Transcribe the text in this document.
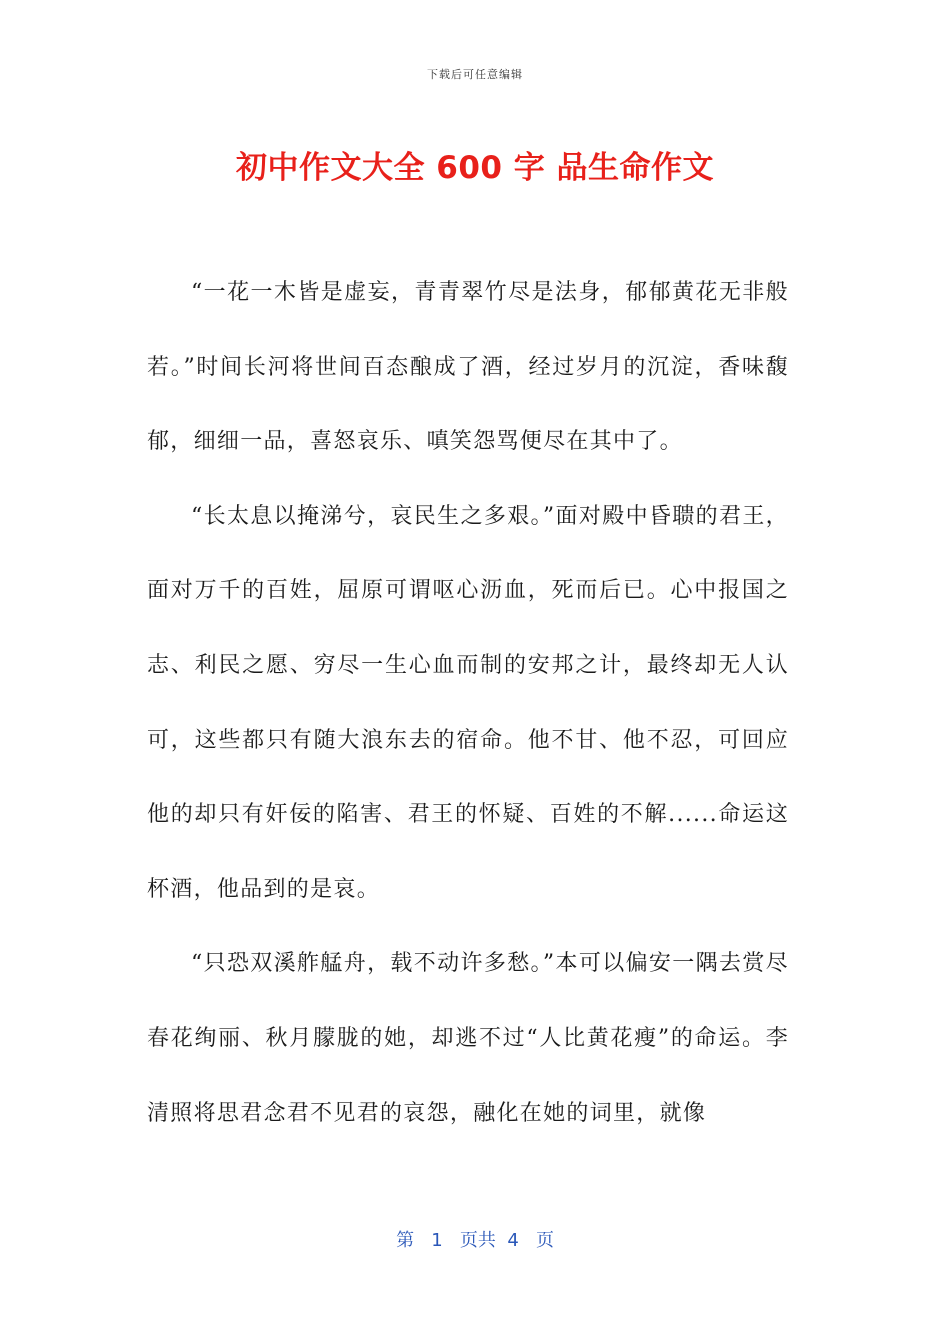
下载后可任意编辑
初中作文大全 600 字 品生命作文

“一花一木皆是虚妄，青青翠竹尽是法身，郁郁黄花无非般若。”时间长河将世间百态酿成了酒，经过岁月的沉淀，香味馥郁，细细一品，喜怒哀乐、嗔笑怨骂便尽在其中了。

“长太息以掩涕兮，哀民生之多艰。”面对殿中昏聩的君王，面对万千的百姓，屈原可谓呕心沥血，死而后已。心中报国之志、利民之愿、穷尽一生心血而制的安邦之计，最终却无人认可，这些都只有随大浪东去的宿命。他不甘、他不忍，可回应他的却只有奸佞的陷害、君王的怀疑、百姓的不解......命运这杯酒，他品到的是哀。

“只恐双溪舴艋舟，载不动许多愁。”本可以偏安一隅去赏尽春花绚丽、秋月朦胧的她，却逃不过“人比黄花瘦”的命运。李清照将思君念君不见君的哀怨，融化在她的词里，就像

第 1 页共 4 页
